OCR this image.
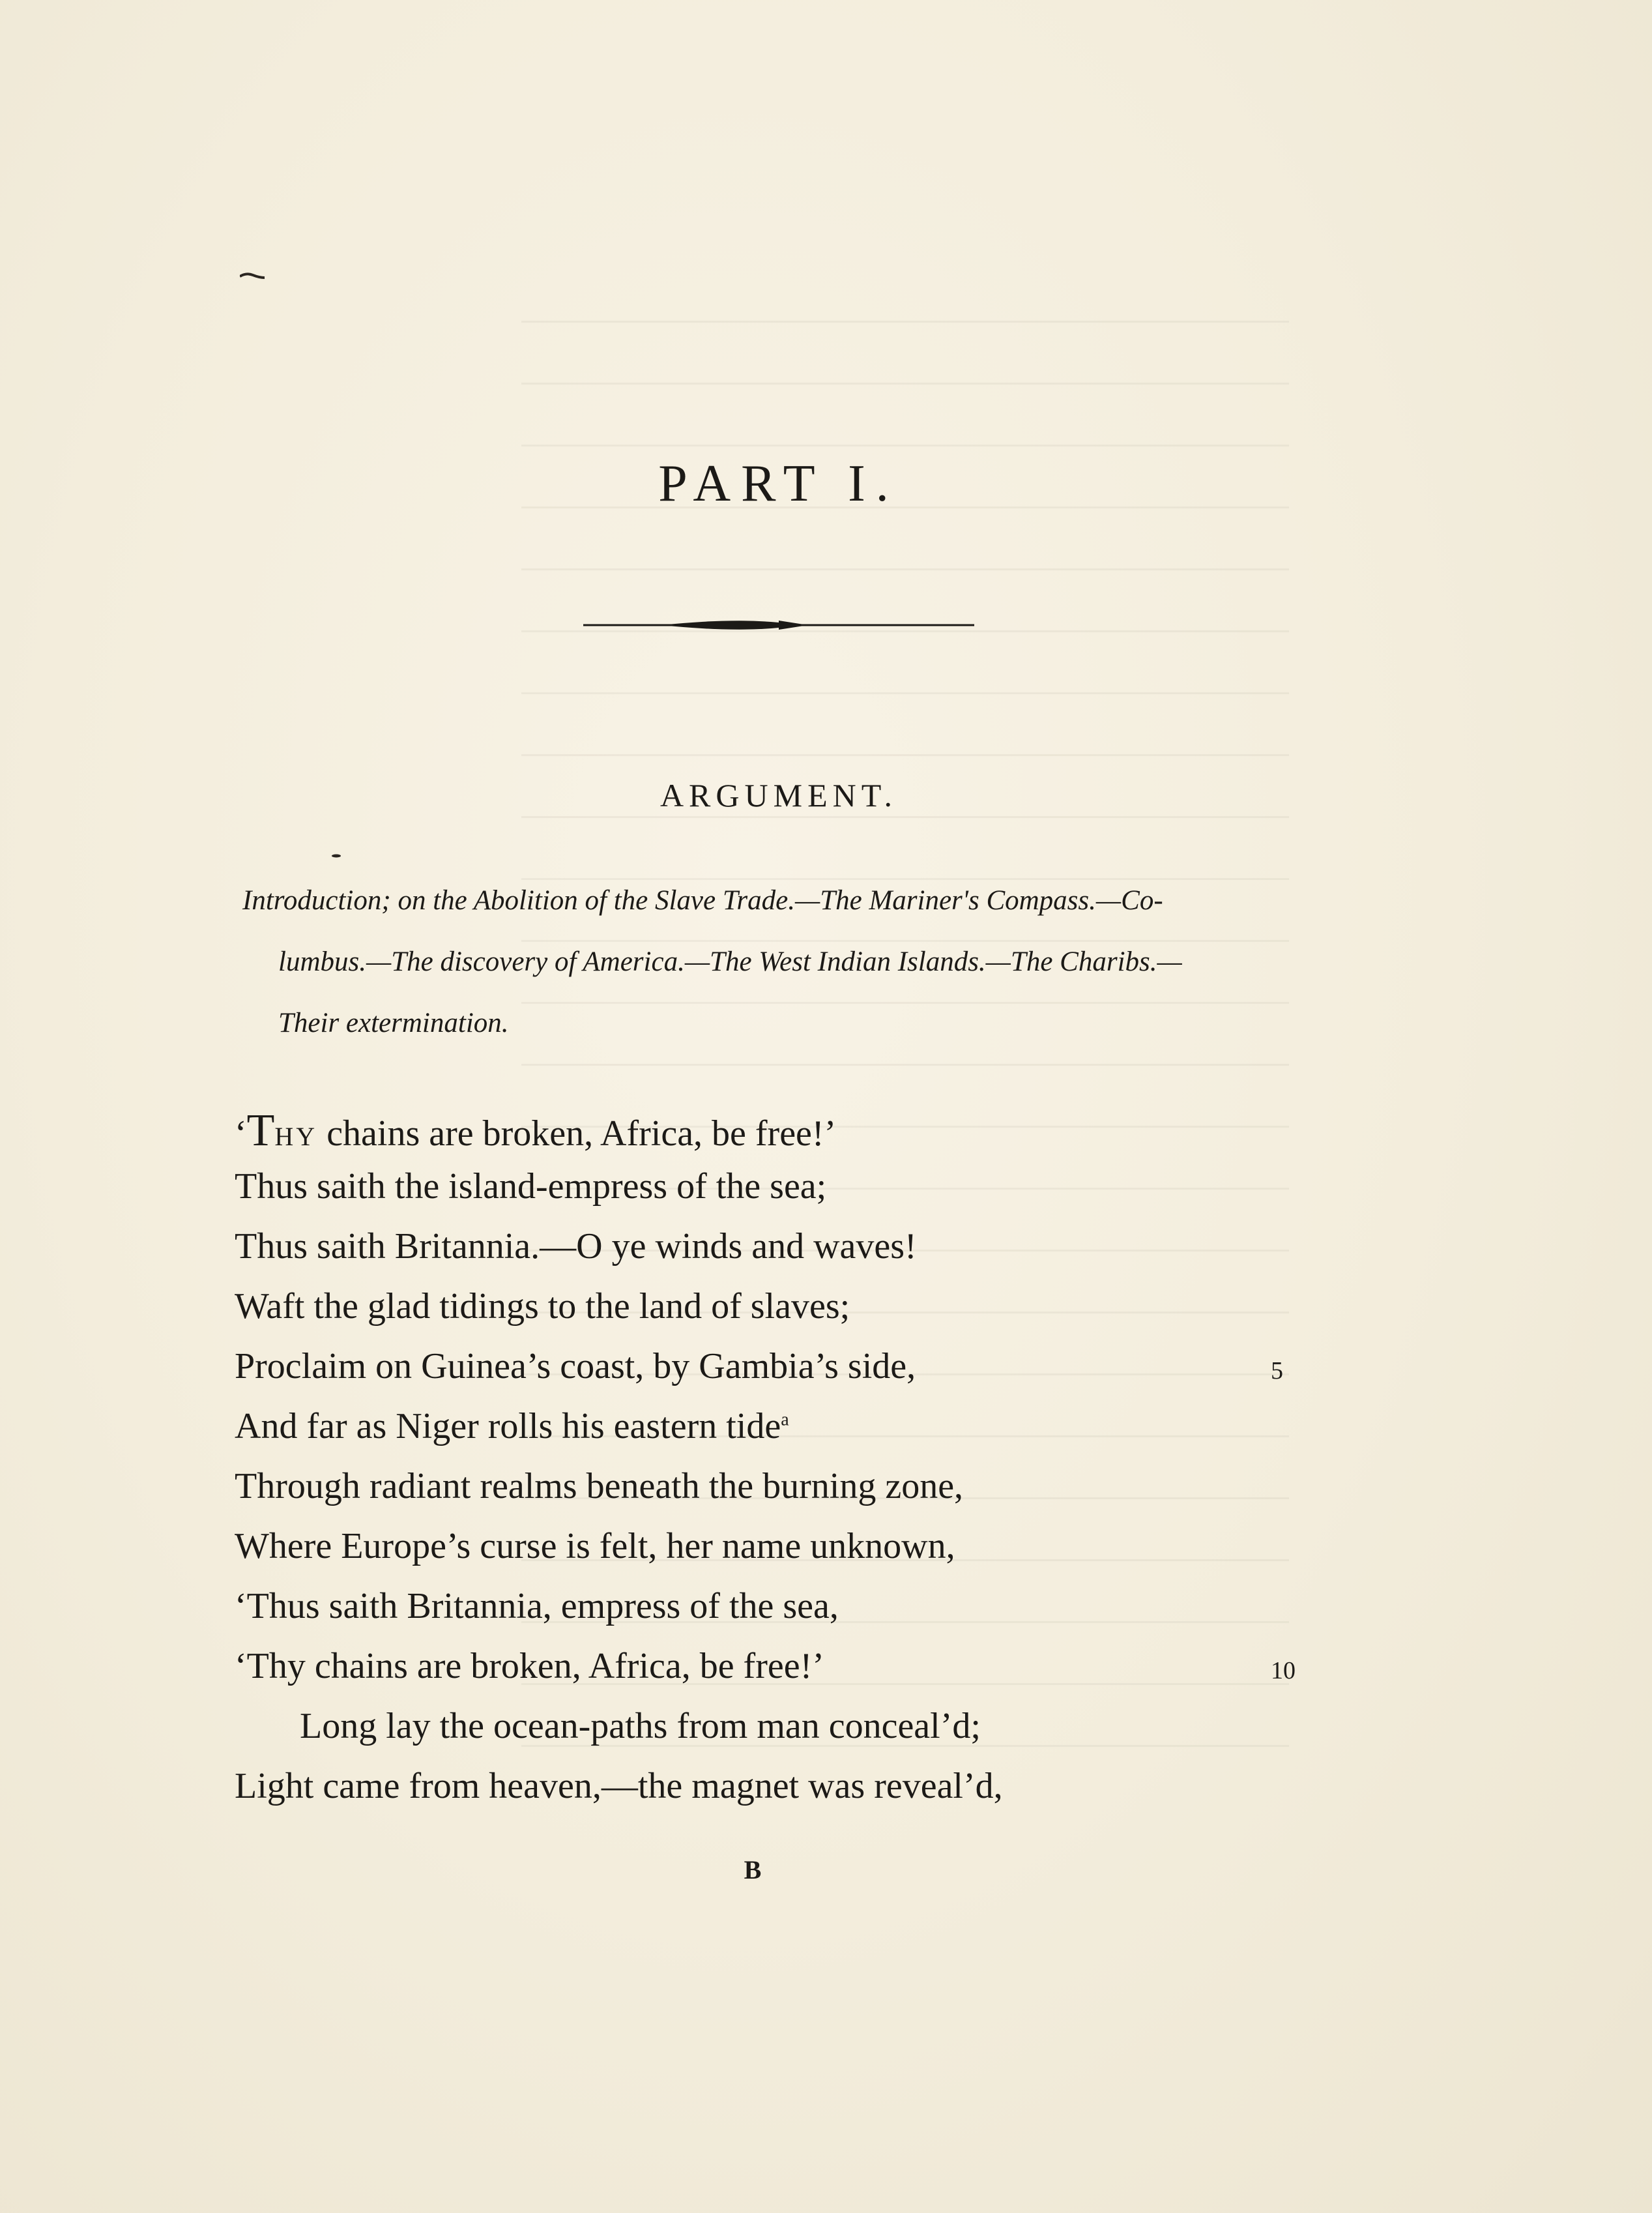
PART I.
ARGUMENT.
Introduction; on the Abolition of the Slave Trade.—The Mariner's Compass.—Co-

lumbus.—The discovery of America.—The West Indian Islands.—The Charibs.—
Their extermination.
‘THY chains are broken, Africa, be free!’
Thus saith the island-empress of the sea;
Thus saith Britannia.—O ye winds and waves!
Waft the glad tidings to the land of slaves;
Proclaim on Guinea’s coast, by Gambia’s side,	5
And far as Niger rolls his eastern tide$^a$
Through radiant realms beneath the burning zone,
Where Europe’s curse is felt, her name unknown,
‘Thus saith Britannia, empress of the sea,
‘Thy chains are broken, Africa, be free!’	10
Long lay the ocean-paths from man conceal’d;
Light came from heaven,—the magnet was reveal’d,
B
